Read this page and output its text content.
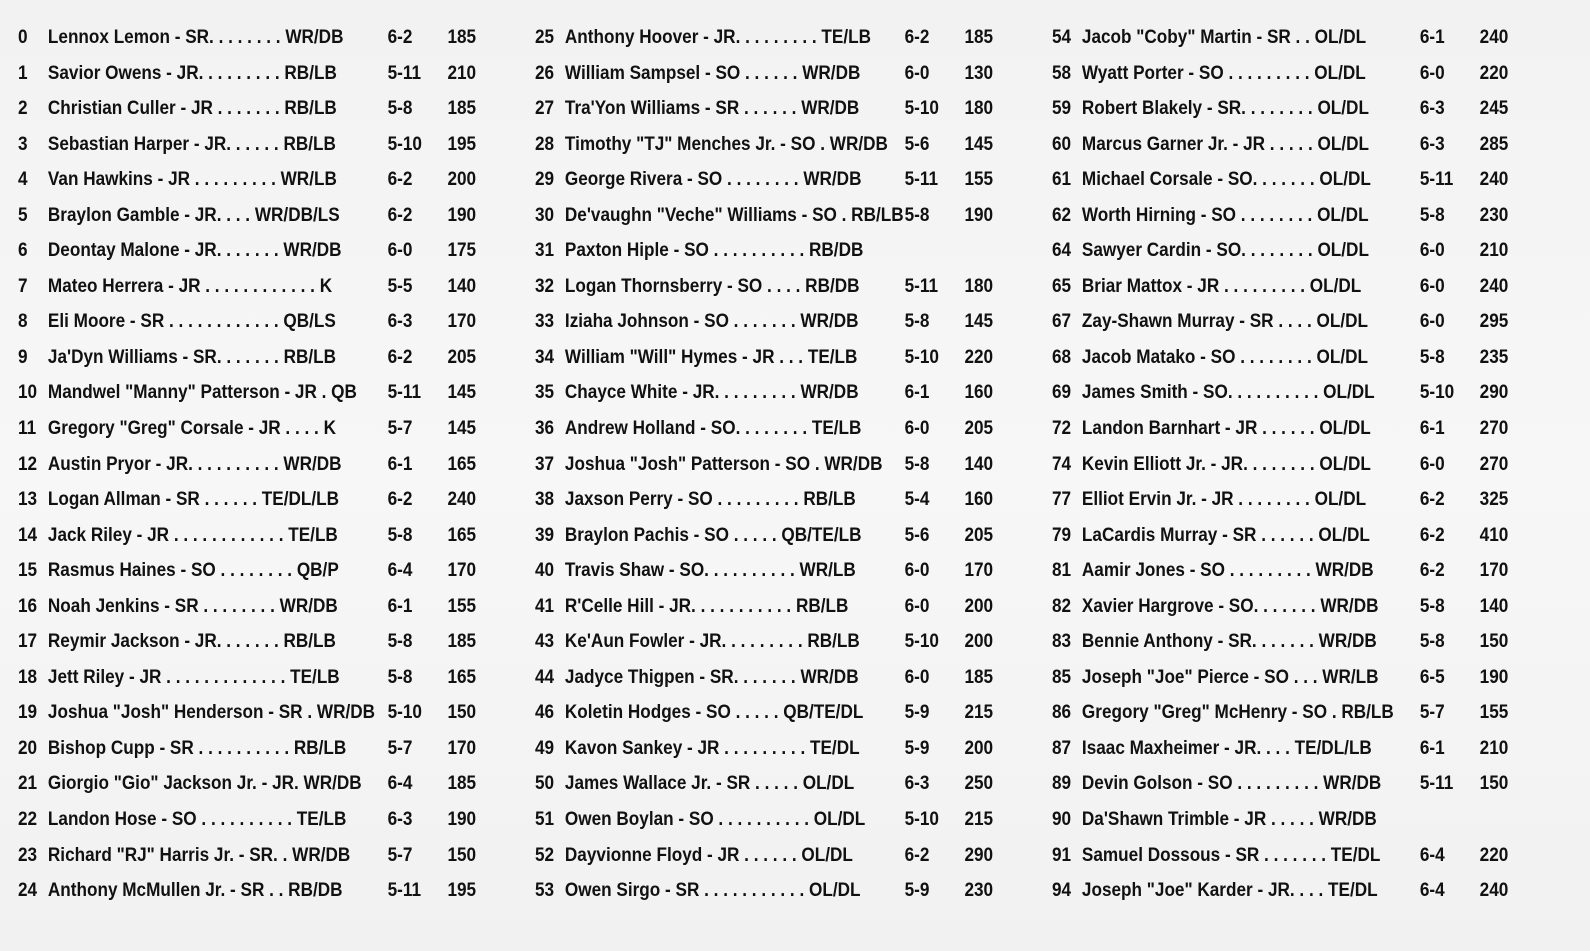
0	Lennox Lemon - SR. . . . . . . . WR/DB 6-2 185
1	Savior Owens - JR. . . . . . . . . RB/LB	5-11 210
2	Christian Culler - JR . . . . . . . RB/LB	5-8 185
3	Sebastian Harper - JR. . . . . . RB/LB	5-10 195
4	Van Hawkins - JR . . . . . . . . . WR/LB	6-2 200
5	Braylon Gamble - JR. . . . WR/DB/LS 6-2 190
6	Deontay Malone - JR. . . . . . . WR/DB 6-0 175
7	Mateo Herrera - JR . . . . . . . . . . . . K	5-5 140
8	Eli Moore - SR . . . . . . . . . . . . QB/LS	6-3 170
9	Ja'Dyn Williams - SR. . . . . . . RB/LB	6-2 205
10 Mandwel "Manny" Patterson - JR . QB 5-11 145
11 Gregory "Greg" Corsale - JR . . . . K	5-7 145
12 Austin Pryor - JR. . . . . . . . . . WR/DB 6-1 165
13 Logan Allman - SR . . . . . . TE/DL/LB 6-2 240
14 Jack Riley - JR . . . . . . . . . . . . TE/LB	5-8 165
15 Rasmus Haines - SO . . . . . . . . QB/P	6-4 170
16 Noah Jenkins - SR . . . . . . . . WR/DB	6-1 155
17 Reymir Jackson - JR. . . . . . . RB/LB	5-8 185
18 Jett Riley - JR . . . . . . . . . . . . . TE/LB 5-8 165
19 Joshua "Josh" Henderson - SR . WR/DB 5-10 150
20 Bishop Cupp - SR . . . . . . . . . . RB/LB 5-7 170
21 Giorgio "Gio" Jackson Jr. - JR. WR/DB 6-4 185
22 Landon Hose - SO . . . . . . . . . . TE/LB 6-3 190
23 Richard "RJ" Harris Jr. - SR. . WR/DB 5-7 150
24 Anthony McMullen Jr. - SR . . RB/DB 5-11 195
25 Anthony Hoover - JR. . . . . . . . . TE/LB 6-2 185
26 William Sampsel - SO . . . . . . WR/DB 6-0 130
27 Tra'Yon Williams - SR . . . . . . WR/DB 5-10 180
28 Timothy "TJ" Menches Jr. - SO . WR/DB 5-6 145
29 George Rivera - SO . . . . . . . . WR/DB 5-11 155
30 De'vaughn "Veche" Williams - SO . RB/LB 5-8 190
31 Paxton Hiple - SO . . . . . . . . . . RB/DB
32 Logan Thornsberry - SO . . . . RB/DB 5-11 180
33 Iziaha Johnson - SO . . . . . . . WR/DB 5-8 145
34 William "Will" Hymes - JR . . . TE/LB 5-10 220
35 Chayce White - JR. . . . . . . . . WR/DB 6-1 160
36 Andrew Holland - SO. . . . . . . . TE/LB 6-0 205
37 Joshua "Josh" Patterson - SO . WR/DB 5-8 140
38 Jaxson Perry - SO . . . . . . . . . RB/LB	5-4 160
39 Braylon Pachis - SO . . . . . QB/TE/LB 5-6 205
40 Travis Shaw - SO. . . . . . . . . . WR/LB	6-0 170
41 R'Celle Hill - JR. . . . . . . . . . . RB/LB	6-0 200
43 Ke'Aun Fowler - JR. . . . . . . . . RB/LB 5-10 200
44 Jadyce Thigpen - SR. . . . . . . WR/DB 6-0 185
46 Koletin Hodges - SO . . . . . QB/TE/DL 5-9 215
49 Kavon Sankey - JR . . . . . . . . . TE/DL 5-9 200
50 James Wallace Jr. - SR . . . . . OL/DL	6-3 250
51 Owen Boylan - SO . . . . . . . . . . OL/DL 5-10 215
52 Dayvionne Floyd - JR . . . . . . OL/DL	6-2 290
53 Owen Sirgo - SR . . . . . . . . . . . OL/DL 5-9 230
54 Jacob "Coby" Martin - SR . . OL/DL	6-1 240
58 Wyatt Porter - SO . . . . . . . . . OL/DL	6-0 220
59 Robert Blakely - SR. . . . . . . . OL/DL	6-3 245
60 Marcus Garner Jr. - JR . . . . . OL/DL	6-3 285
61 Michael Corsale - SO. . . . . . . OL/DL	5-11 240
62 Worth Hirning - SO . . . . . . . . OL/DL	5-8 230
64 Sawyer Cardin - SO. . . . . . . . OL/DL	6-0 210
65 Briar Mattox - JR . . . . . . . . . OL/DL	6-0 240
67 Zay-Shawn Murray - SR . . . . OL/DL	6-0 295
68 Jacob Matako - SO . . . . . . . . OL/DL	5-8 235
69 James Smith - SO. . . . . . . . . . OL/DL 5-10 290
72 Landon Barnhart - JR . . . . . . OL/DL	6-1 270
74 Kevin Elliott Jr. - JR. . . . . . . . OL/DL	6-0 270
77 Elliot Ervin Jr. - JR . . . . . . . . OL/DL	6-2 325
79 LaCardis Murray - SR . . . . . . OL/DL	6-2 410
81 Aamir Jones - SO . . . . . . . . . WR/DB 6-2 170
82 Xavier Hargrove - SO. . . . . . . WR/DB 5-8 140
83 Bennie Anthony - SR. . . . . . . WR/DB 5-8 150
85 Joseph "Joe" Pierce - SO . . . WR/LB 6-5 190
86 Gregory "Greg" McHenry - SO . RB/LB 5-7 155
87 Isaac Maxheimer - JR. . . . TE/DL/LB 6-1 210
89 Devin Golson - SO . . . . . . . . . WR/DB 5-11 150
90 Da'Shawn Trimble - JR . . . . . WR/DB
91 Samuel Dossous - SR . . . . . . . TE/DL 6-4 220
94 Joseph "Joe" Karder - JR. . . . TE/DL 6-4 240
